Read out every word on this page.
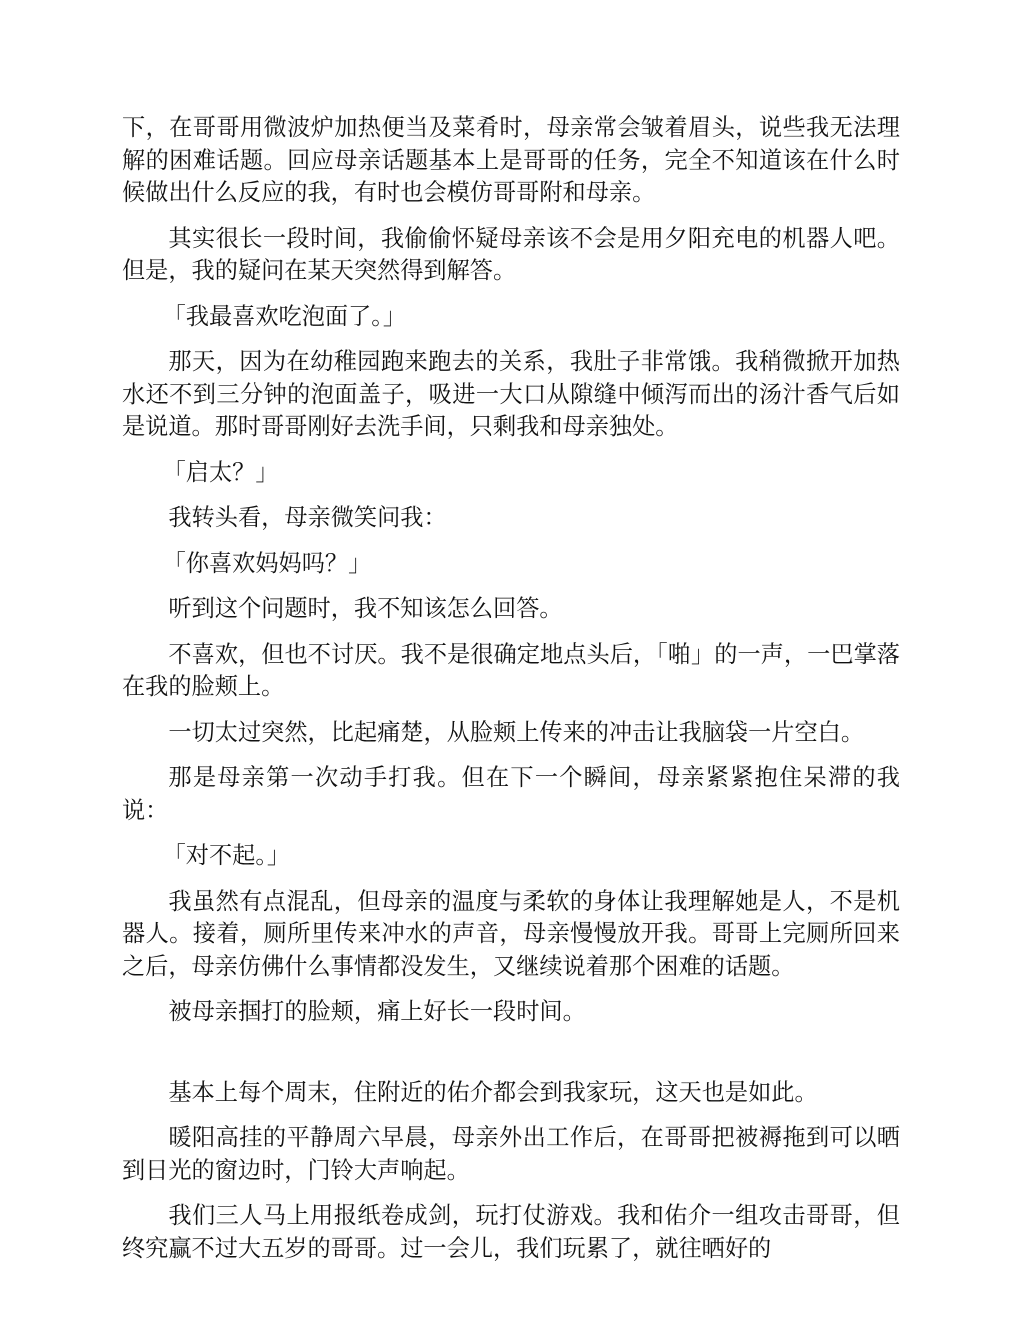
下，在哥哥用微波炉加热便当及菜肴时，母亲常会皱着眉头，说些我无法理解的困难话题。回应母亲话题基本上是哥哥的任务，完全不知道该在什么时候做出什么反应的我，有时也会模仿哥哥附和母亲。

其实很长一段时间，我偷偷怀疑母亲该不会是用夕阳充电的机器人吧。但是，我的疑问在某天突然得到解答。

「我最喜欢吃泡面了。」

那天，因为在幼稚园跑来跑去的关系，我肚子非常饿。我稍微掀开加热水还不到三分钟的泡面盖子，吸进一大口从隙缝中倾泻而出的汤汁香气后如是说道。那时哥哥刚好去洗手间，只剩我和母亲独处。

「启太？」

我转头看，母亲微笑问我：

「你喜欢妈妈吗？」

听到这个问题时，我不知该怎么回答。

不喜欢，但也不讨厌。我不是很确定地点头后，「啪」的一声，一巴掌落在我的脸颊上。

一切太过突然，比起痛楚，从脸颊上传来的冲击让我脑袋一片空白。

那是母亲第一次动手打我。但在下一个瞬间，母亲紧紧抱住呆滞的我说：

「对不起。」

我虽然有点混乱，但母亲的温度与柔软的身体让我理解她是人，不是机器人。接着，厕所里传来冲水的声音，母亲慢慢放开我。哥哥上完厕所回来之后，母亲仿佛什么事情都没发生，又继续说着那个困难的话题。

被母亲掴打的脸颊，痛上好长一段时间。

基本上每个周末，住附近的佑介都会到我家玩，这天也是如此。

暖阳高挂的平静周六早晨，母亲外出工作后，在哥哥把被褥拖到可以晒到日光的窗边时，门铃大声响起。

我们三人马上用报纸卷成剑，玩打仗游戏。我和佑介一组攻击哥哥，但终究赢不过大五岁的哥哥。过一会儿，我们玩累了，就往晒好的
